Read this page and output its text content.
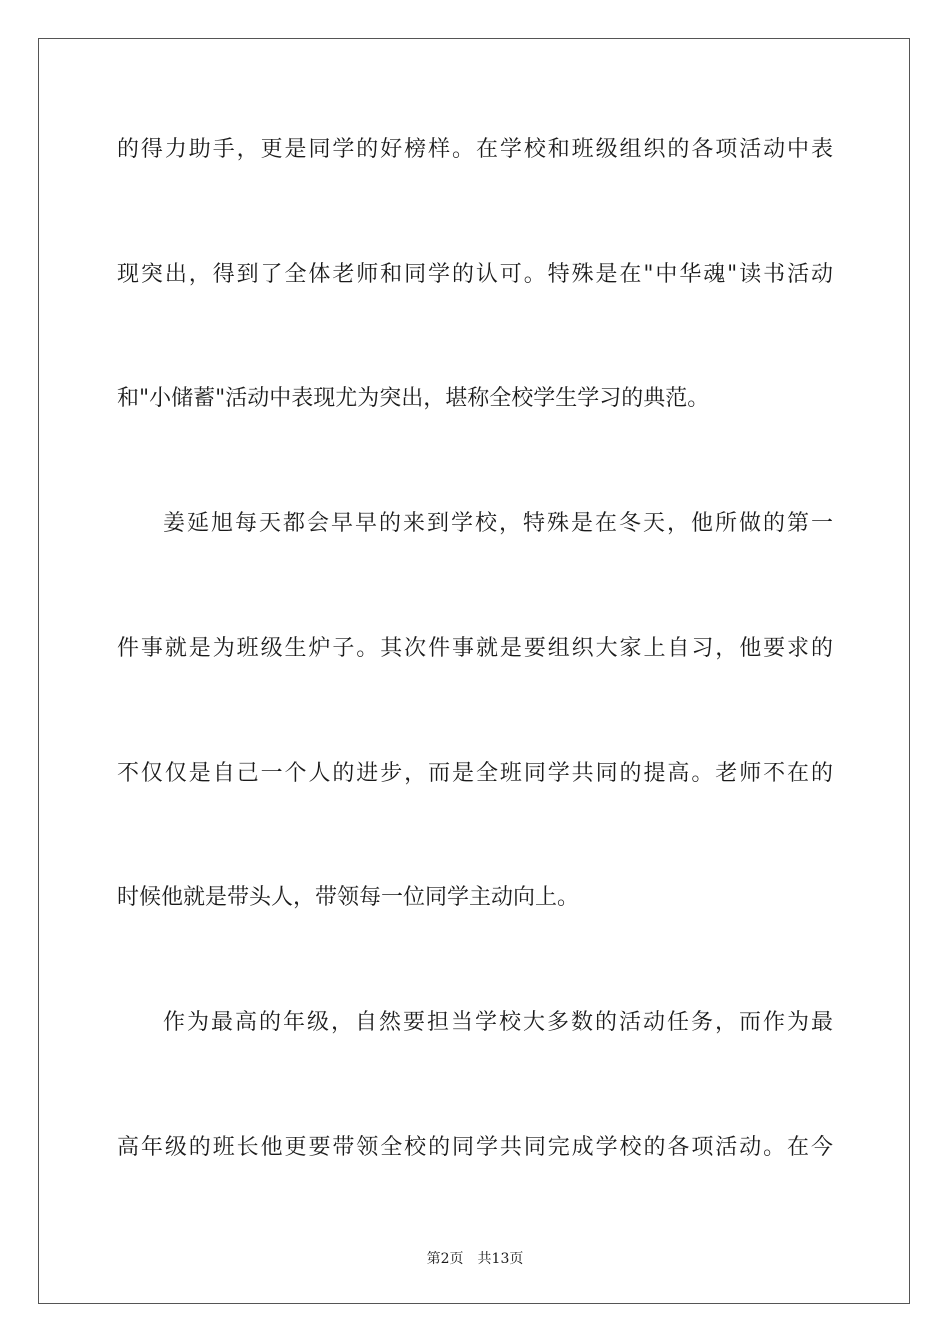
的得力助手，更是同学的好榜样。在学校和班级组织的各项活动中表
现突出，得到了全体老师和同学的认可。特殊是在"中华魂"读书活动
和"小储蓄"活动中表现尤为突出，堪称全校学生学习的典范。
姜延旭每天都会早早的来到学校，特殊是在冬天，他所做的第一
件事就是为班级生炉子。其次件事就是要组织大家上自习，他要求的
不仅仅是自己一个人的进步，而是全班同学共同的提高。老师不在的
时候他就是带头人，带领每一位同学主动向上。
作为最高的年级，自然要担当学校大多数的活动任务，而作为最
高年级的班长他更要带领全校的同学共同完成学校的各项活动。在今
第2页 共13页
